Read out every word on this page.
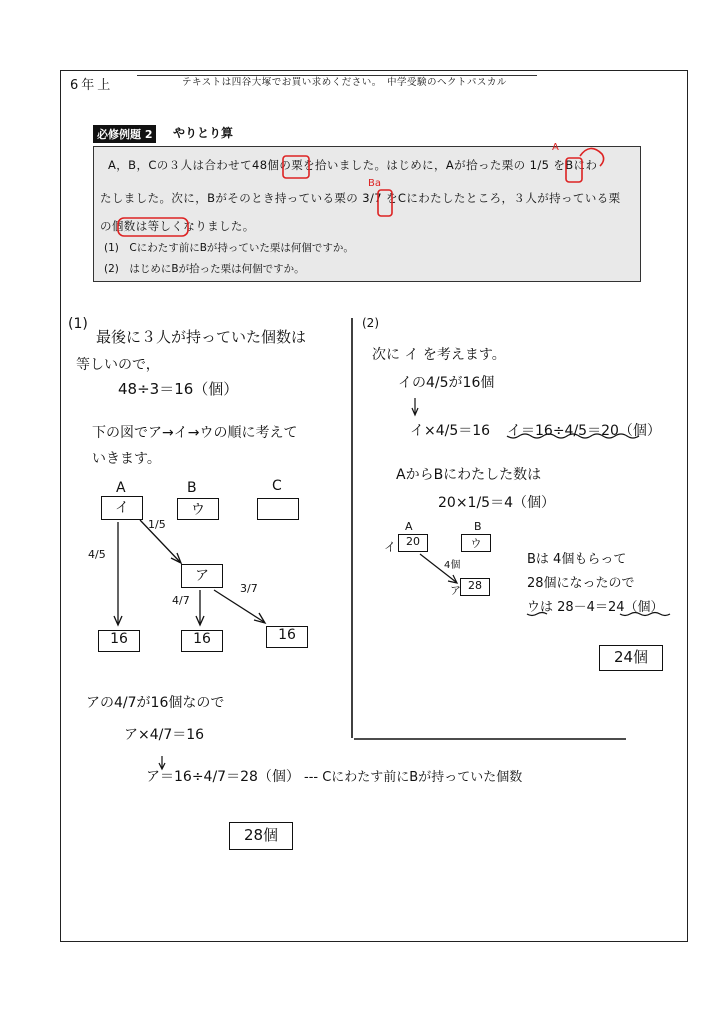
6年上	テキストは四谷大塚でお買い求めください。　中学受験のヘクトパスカル
必修例題 2	やりとり算
A，B，Cの３人は合わせて48個の栗を拾いました。はじめに，Aが拾った栗の 1/5 をBにわ
たしました。次に，Bがそのとき持っている栗の 3/7 をCにわたしたところ，３人が持っている栗
の個数は等しくなりました。
(1)　Cにわたす前にBが持っていた栗は何個ですか。
(2)　はじめにBが拾った栗は何個ですか。
A
Ba
(1)
最後に３人が持っていた個数は
等しいので，
48÷3＝16（個）
下の図でア→イ→ウの順に考えて
いきます。
A	B	C
イ	ウ
ア
4/5
1/5
4/7
3/7
16	16	16
アの4/7が16個なので
ア×4/7＝16
ア＝16÷4/7＝28（個） --- Cにわたす前にBが持っていた個数
28個
(2)
次に イ を考えます。
イの4/5が16個
イ×4/5＝16 イ＝16÷4/5＝20（個）
AからBにわたした数は
20×1/5＝4（個）
A	B
イ 20	ウ
4個
ア 28
Bは 4個もらって
28個になったので
ウは 28－4＝24（個）
24個
